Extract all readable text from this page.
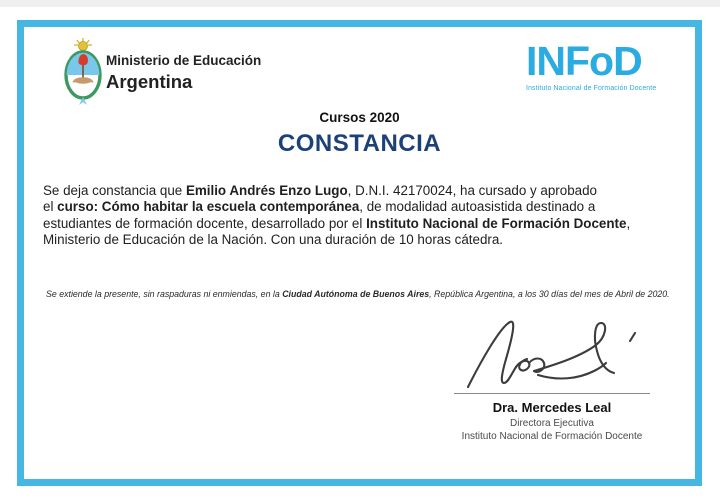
Ministerio de Educación
Argentina	INFoD
Instituto Nacional de Formación Docente
Cursos 2020
CONSTANCIA
Se deja constancia que Emilio Andrés Enzo Lugo, D.N.I. 42170024, ha cursado y aprobado
el curso: Cómo habitar la escuela contemporánea, de modalidad autoasistida destinado a
estudiantes de formación docente, desarrollado por el Instituto Nacional de Formación Docente,
Ministerio de Educación de la Nación. Con una duración de 10 horas cátedra.
Se extiende la presente, sin raspaduras ni enmiendas, en la Ciudad Autónoma de Buenos Aires, República Argentina, a los 30 días del mes de Abril de 2020.
Dra. Mercedes Leal
Directora Ejecutiva
Instituto Nacional de Formación Docente
